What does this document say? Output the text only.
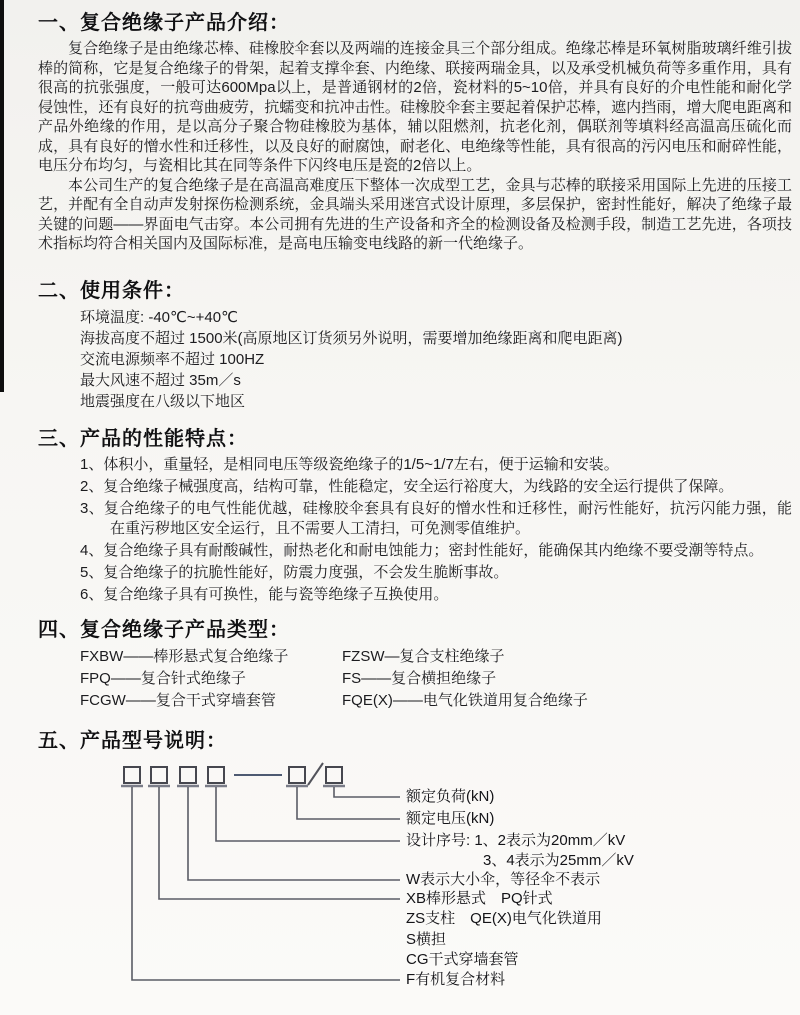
一、复合绝缘子产品介绍：

复合绝缘子是由绝缘芯棒、硅橡胶伞套以及两端的连接金具三个部分组成。绝缘芯棒是环氧树脂玻璃纤维引拔棒的简称，它是复合绝缘子的骨架，起着支撑伞套、内绝缘、联接两瑞金具，以及承受机械负荷等多重作用，具有很高的抗张强度，一般可达600Mpa以上，是普通钢材的2倍，瓷材料的5~10倍，并具有良好的介电性能和耐化学侵蚀性，还有良好的抗弯曲疲劳，抗蠕变和抗冲击性。硅橡胶伞套主要起着保护芯棒，遮内挡雨，增大爬电距离和产品外绝缘的作用，是以高分子聚合物硅橡胶为基体，辅以阻燃剂，抗老化剂，偶联剂等填料经高温高压硫化而成，具有良好的憎水性和迁移性，以及良好的耐腐蚀，耐老化、电绝缘等性能，具有很高的污闪电压和耐碎性能，电压分布均匀，与瓷相比其在同等条件下闪终电压是瓷的2倍以上。

本公司生产的复合绝缘子是在高温高难度压下整体一次成型工艺，金具与芯棒的联接采用国际上先进的压接工艺，并配有全自动声发射探伤检测系统，金具端头采用迷宫式设计原理，多层保护，密封性能好，解决了绝缘子最关键的问题——界面电气击穿。本公司拥有先进的生产设备和齐全的检测设备及检测手段，制造工艺先进，各项技术指标均符合相关国内及国际标准，是高电压输变电线路的新一代绝缘子。

二、使用条件：
环境温度: -40℃~+40℃
海拔高度不超过 1500米(高原地区订货须另外说明，需要增加绝缘距离和爬电距离)
交流电源频率不超过 100HZ
最大风速不超过 35m／s
地震强度在八级以下地区
三、产品的性能特点：
1、体积小，重量轻，是相同电压等级瓷绝缘子的1/5~1/7左右，便于运输和安装。
2、复合绝缘子械强度高，结构可靠，性能稳定，安全运行裕度大，为线路的安全运行提供了保障。
3、复合绝缘子的电气性能优越，硅橡胶伞套具有良好的憎水性和迁移性，耐污性能好，抗污闪能力强，能在重污秽地区安全运行，且不需要人工清扫，可免测零值维护。
4、复合绝缘子具有耐酸碱性，耐热老化和耐电蚀能力；密封性能好，能确保其内绝缘不要受潮等特点。
5、复合绝缘子的抗脆性能好，防震力度强，不会发生脆断事故。
6、复合绝缘子具有可换性，能与瓷等绝缘子互换使用。
四、复合绝缘子产品类型：
FXBW——棒形悬式复合绝缘子	FZSW—复合支柱绝缘子
FPQ——复合针式绝缘子	FS——复合横担绝缘子
FCGW——复合干式穿墙套管	FQE(X)——电气化铁道用复合绝缘子
五、产品型号说明：
额定负荷(kN)
额定电压(kN)
设计序号: 1、2表示为20mm／kV
3、4表示为25mm／kV
W表示大小伞，等径伞不表示
XB棒形悬式　PQ针式
ZS支柱　QE(X)电气化铁道用
S横担
CG干式穿墙套管
F有机复合材料
